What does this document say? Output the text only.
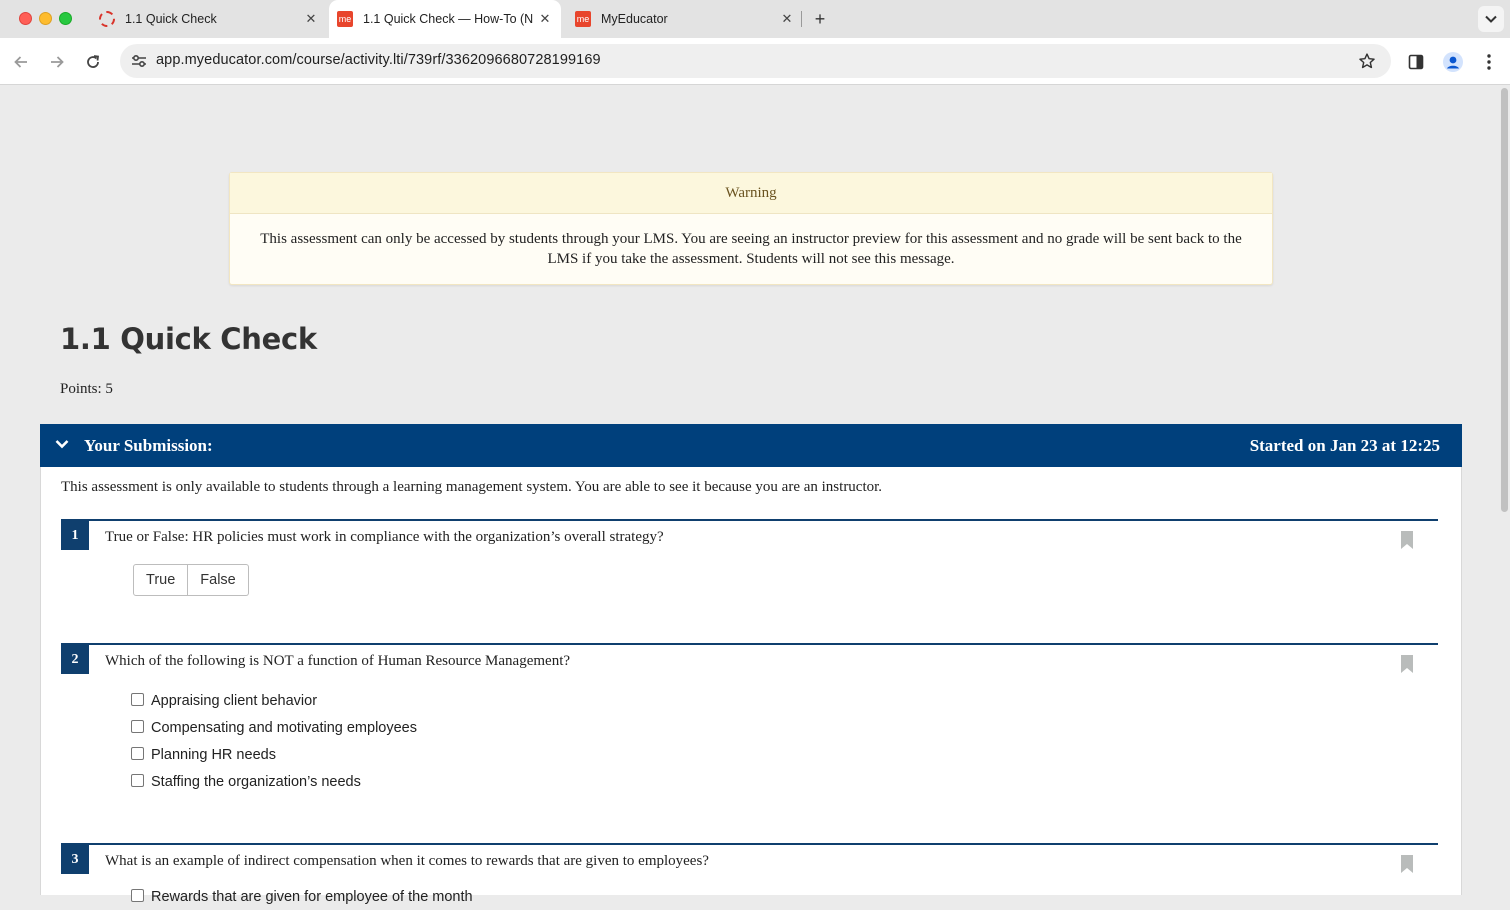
1.1 Quick Check	✕ me 1.1 Quick Check — How-To (N ✕	me MyEducator	✕ +
app.myeducator.com/course/activity.lti/739rf/3362096680728199169
Warning
This assessment can only be accessed by students through your LMS. You are seeing an instructor preview for this assessment and no grade will be sent back to the LMS if you take the assessment. Students will not see this message.
1.1 Quick Check
Points: 5
Your Submission:	Started on Jan 23 at 12:25
This assessment is only available to students through a learning management system. You are able to see it because you are an instructor.
1	True or False: HR policies must work in compliance with the organization’s overall strategy?
True	False
2	Which of the following is NOT a function of Human Resource Management?
Appraising client behavior
Compensating and motivating employees
Planning HR needs
Staffing the organization’s needs
3	What is an example of indirect compensation when it comes to rewards that are given to employees?
Rewards that are given for employee of the month
